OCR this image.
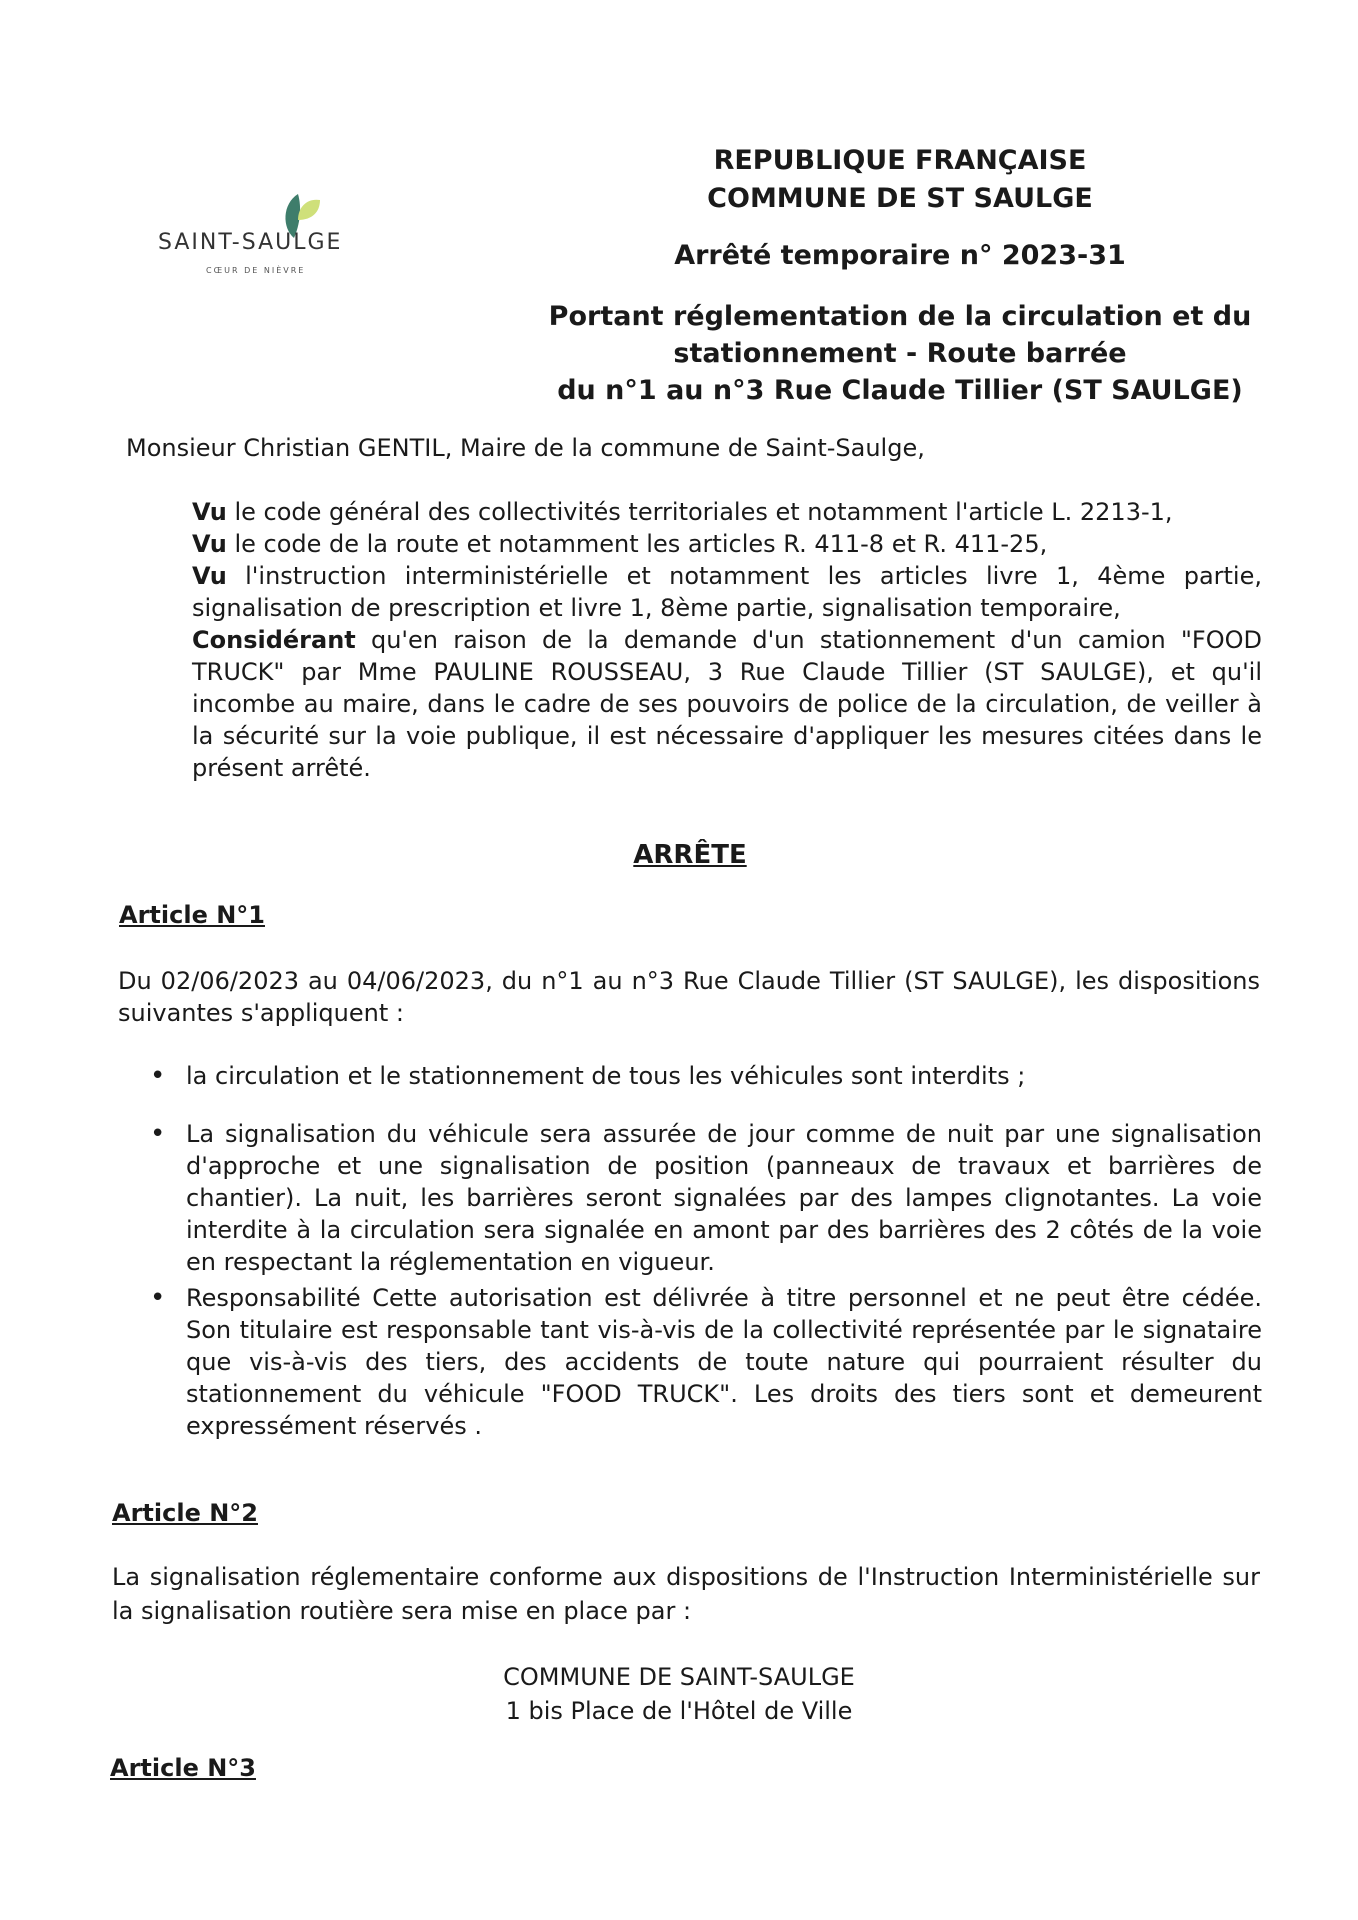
SAINT-SAULGE
CŒUR DE NIÈVRE
REPUBLIQUE FRANÇAISE
COMMUNE DE ST SAULGE
Arrêté temporaire n° 2023-31
Portant réglementation de la circulation et du
stationnement - Route barrée
du n°1 au n°3 Rue Claude Tillier (ST SAULGE)
Monsieur Christian GENTIL, Maire de la commune de Saint-Saulge,

Vu le code général des collectivités territoriales et notamment l'article L. 2213-1,

Vu le code de la route et notamment les articles R. 411-8 et R. 411-25,

Vu l'instruction interministérielle et notamment les articles livre 1, 4ème partie, signalisation de prescription et livre 1, 8ème partie, signalisation temporaire,

Considérant qu'en raison de la demande d'un stationnement d'un camion "FOOD TRUCK" par Mme PAULINE ROUSSEAU, 3 Rue Claude Tillier (ST SAULGE), et qu'il incombe au maire, dans le cadre de ses pouvoirs de police de la circulation, de veiller à la sécurité sur la voie publique, il est nécessaire d'appliquer les mesures citées dans le présent arrêté.

ARRÊTE
Article N°1

Du 02/06/2023 au 04/06/2023, du n°1 au n°3 Rue Claude Tillier (ST SAULGE), les dispositions suivantes s'appliquent :

• la circulation et le stationnement de tous les véhicules sont interdits ;
• La signalisation du véhicule sera assurée de jour comme de nuit par une signalisation d'approche et une signalisation de position (panneaux de travaux et barrières de chantier). La nuit, les barrières seront signalées par des lampes clignotantes. La voie interdite à la circulation sera signalée en amont par des barrières des 2 côtés de la voie en respectant la réglementation en vigueur.
• Responsabilité Cette autorisation est délivrée à titre personnel et ne peut être cédée. Son titulaire est responsable tant vis-à-vis de la collectivité représentée par le signataire que vis-à-vis des tiers, des accidents de toute nature qui pourraient résulter du stationnement du véhicule "FOOD TRUCK". Les droits des tiers sont et demeurent expressément réservés .
Article N°2

La signalisation réglementaire conforme aux dispositions de l'Instruction Interministérielle sur la signalisation routière sera mise en place par :

COMMUNE DE SAINT-SAULGE
1 bis Place de l'Hôtel de Ville
Article N°3
